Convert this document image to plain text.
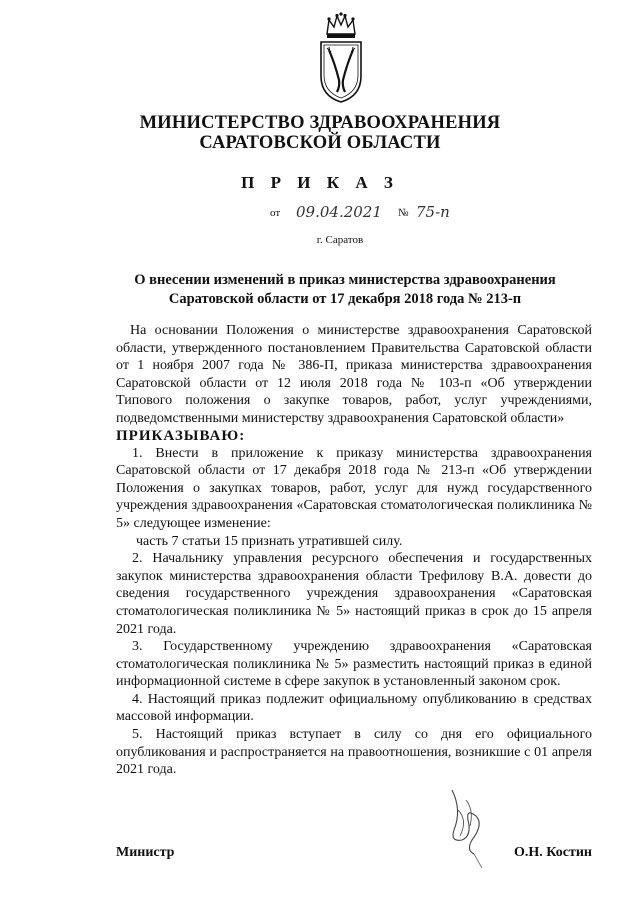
МИНИСТЕРСТВО ЗДРАВООХРАНЕНИЯ
САРАТОВСКОЙ ОБЛАСТИ
П Р И К А З
от 09.04.2021 № 75-п
г. Саратов
О внесении изменений в приказ министерства здравоохранения
Саратовской области от 17 декабря 2018 года № 213-п

На основании Положения о министерстве здравоохранения Саратовской области, утвержденного постановлением Правительства Саратовской области от 1 ноября 2007 года № 386-П, приказа министерства здравоохранения Саратовской области от 12 июля 2018 года № 103-п «Об утверждении Типового положения о закупке товаров, работ, услуг учреждениями, подведомственными министерству здравоохранения Саратовской области»

ПРИКАЗЫВАЮ:

1. Внести в приложение к приказу министерства здравоохранения Саратовской области от 17 декабря 2018 года № 213-п «Об утверждении Положения о закупках товаров, работ, услуг для нужд государственного учреждения здравоохранения «Саратовская стоматологическая поликлиника № 5» следующее изменение:

часть 7 статьи 15 признать утратившей силу.

2. Начальнику управления ресурсного обеспечения и государственных закупок министерства здравоохранения области Трефилову В.А. довести до сведения государственного учреждения здравоохранения «Саратовская стоматологическая поликлиника № 5» настоящий приказ в срок до 15 апреля 2021 года.

3. Государственному учреждению здравоохранения «Саратовская стоматологическая поликлиника № 5» разместить настоящий приказ в единой информационной системе в сфере закупок в установленный законом срок.

4. Настоящий приказ подлежит официальному опубликованию в средствах массовой информации.

5. Настоящий приказ вступает в силу со дня его официального опубликования и распространяется на правоотношения, возникшие с 01 апреля 2021 года.

Министр	О.Н. Костин
